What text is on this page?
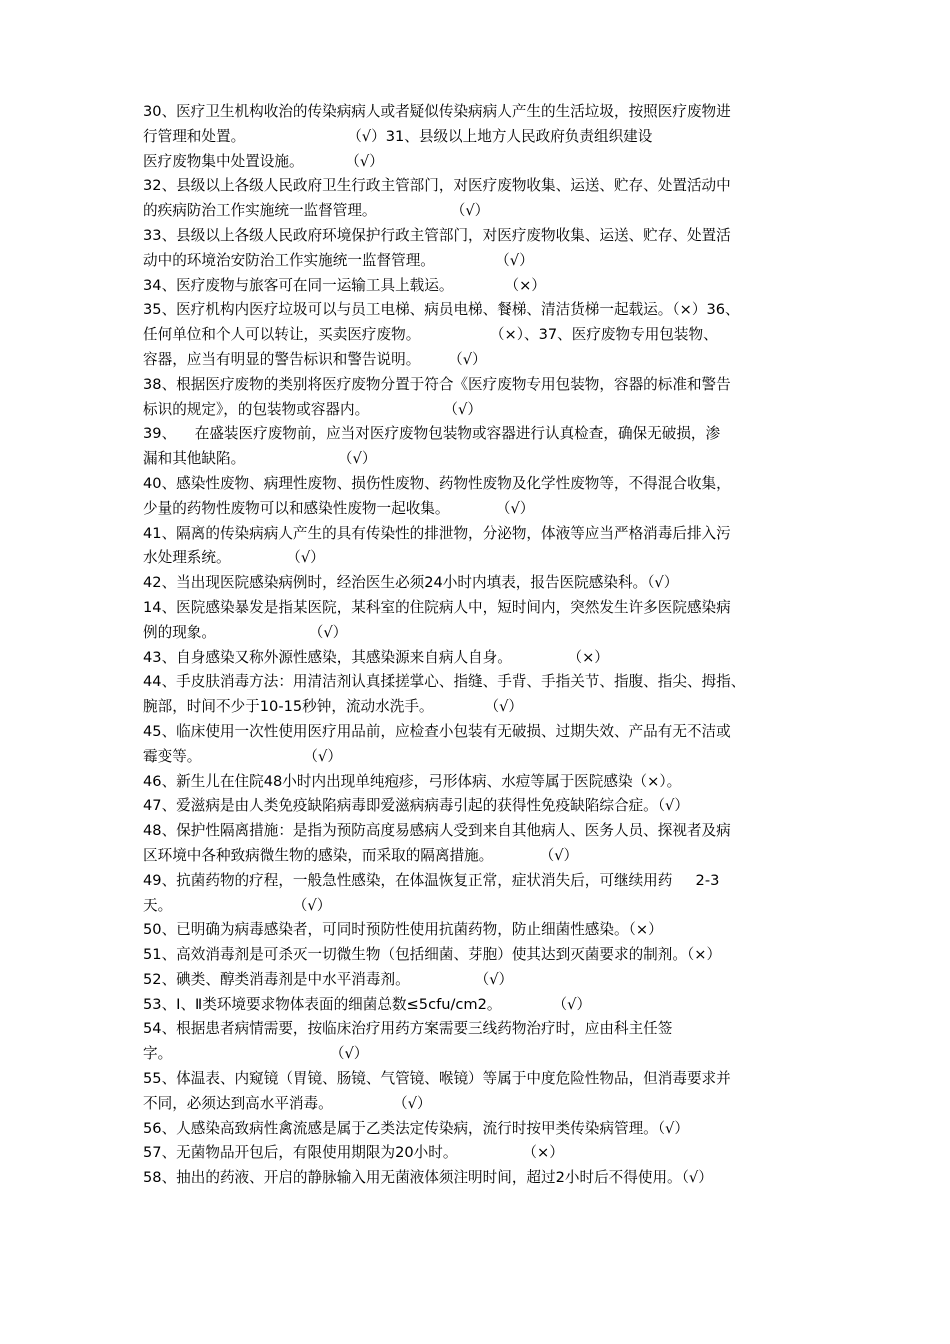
30、医疗卫生机构收治的传染病病人或者疑似传染病病人产生的生活垃圾，按照医疗废物进
行管理和处置。                      （√）31、县级以上地方人民政府负责组织建设
医疗废物集中处置设施。         （√）
32、县级以上各级人民政府卫生行政主管部门，对医疗废物收集、运送、贮存、处置活动中
的疾病防治工作实施统一监督管理。                （√）
33、县级以上各级人民政府环境保护行政主管部门，对医疗废物收集、运送、贮存、处置活
动中的环境治安防治工作实施统一监督管理。             （√）
34、医疗废物与旅客可在同一运输工具上载运。           （×）
35、医疗机构内医疗垃圾可以与员工电梯、病员电梯、餐梯、清洁货梯一起载运。（×）36、
任何单位和个人可以转让，买卖医疗废物。               （×）、37、医疗废物专用包装物、
容器，应当有明显的警告标识和警告说明。      （√）
38、根据医疗废物的类别将医疗废物分置于符合《医疗废物专用包装物，容器的标准和警告
标识的规定》，的包装物或容器内。                （√）
39、    在盛装医疗废物前，应当对医疗废物包装物或容器进行认真检查，确保无破损，渗
漏和其他缺陷。                    （√）
40、感染性废物、病理性废物、损伤性废物、药物性废物及化学性废物等，不得混合收集，
少量的药物性废物可以和感染性废物一起收集。          （√）
41、隔离的传染病病人产生的具有传染性的排泄物，分泌物，体液等应当严格消毒后排入污
水处理系统。            （√）
42、当出现医院感染病例时，经治医生必须24小时内填表，报告医院感染科。（√）
14、医院感染暴发是指某医院，某科室的住院病人中，短时间内，突然发生许多医院感染病
例的现象。                    （√）
43、自身感染又称外源性感染，其感染源来自病人自身。            （×）
44、手皮肤消毒方法：用清洁剂认真揉搓掌心、指缝、手背、手指关节、指腹、指尖、拇指、
腕部，时间不少于10-15秒钟，流动水洗手。           （√）
45、临床使用一次性使用医疗用品前，应检查小包装有无破损、过期失效、产品有无不洁或
霉变等。                      （√）
46、新生儿在住院48小时内出现单纯疱疹，弓形体病、水痘等属于医院感染（×）。
47、爱滋病是由人类免疫缺陷病毒即爱滋病病毒引起的获得性免疫缺陷综合症。（√）
48、保护性隔离措施：是指为预防高度易感病人受到来自其他病人、医务人员、探视者及病
区环境中各种致病微生物的感染，而采取的隔离措施。          （√）
49、抗菌药物的疗程，一般急性感染，在体温恢复正常，症状消失后，可继续用药     2-3
天。                          （√）
50、已明确为病毒感染者，可同时预防性使用抗菌药物，防止细菌性感染。（×）
51、高效消毒剂是可杀灭一切微生物（包括细菌、芽胞）使其达到灭菌要求的制剂。（×）
52、碘类、醇类消毒剂是中水平消毒剂。              （√）
53、Ⅰ、Ⅱ类环境要求物体表面的细菌总数≤5cfu/cm2。           （√）
54、根据患者病情需要，按临床治疗用药方案需要三线药物治疗时，应由科主任签
字。                                  （√）
55、体温表、内窥镜（胃镜、肠镜、气管镜、喉镜）等属于中度危险性物品，但消毒要求并
不同，必须达到高水平消毒。             （√）
56、人感染高致病性禽流感是属于乙类法定传染病，流行时按甲类传染病管理。（√）
57、无菌物品开包后，有限使用期限为20小时。              （×）
58、抽出的药液、开启的静脉输入用无菌液体须注明时间，超过2小时后不得使用。（√）
